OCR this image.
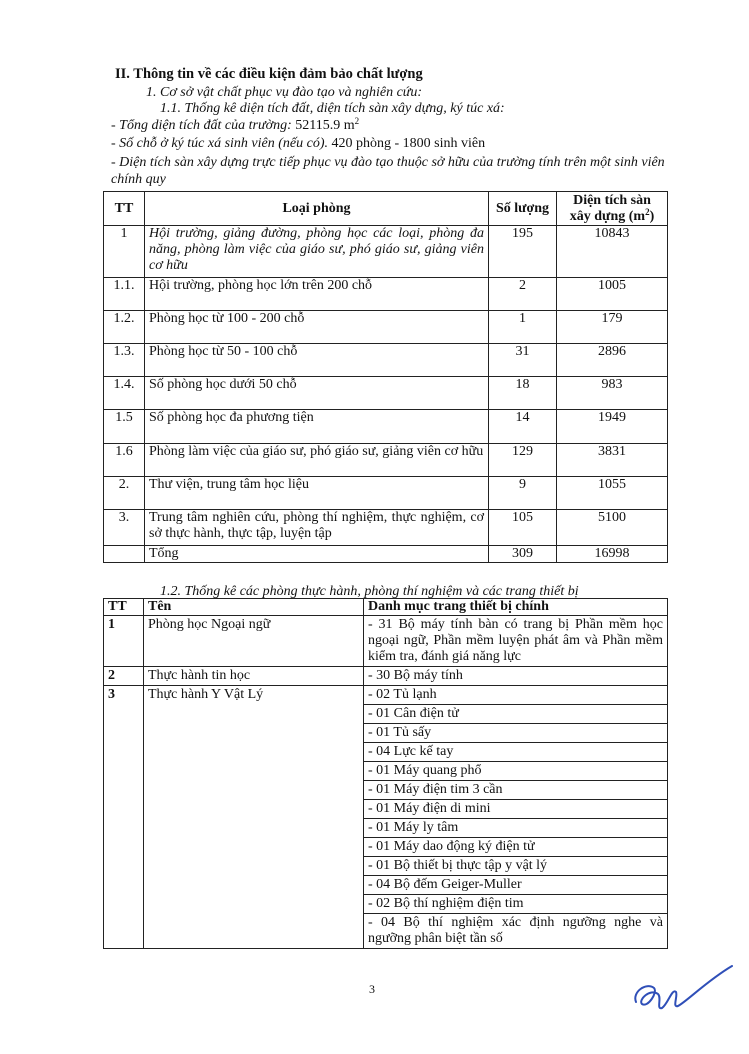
II. Thông tin về các điều kiện đảm bảo chất lượng
1. Cơ sở vật chất phục vụ đào tạo và nghiên cứu:
1.1. Thống kê diện tích đất, diện tích sàn xây dựng, ký túc xá:
- Tổng diện tích đất của trường: 52115.9 $m^2$
- Số chỗ ở ký túc xá sinh viên (nếu có). 420 phòng - 1800 sinh viên
- Diện tích sàn xây dựng trực tiếp phục vụ đào tạo thuộc sở hữu của trường tính trên một sinh viên chính quy
TT	Loại phòng	Số lượng	Diện tích sàn xây dựng $(m^2)$
1	Hội trường, giảng đường, phòng học các loại, phòng đa năng, phòng làm việc của giáo sư, phó giáo sư, giảng viên cơ hữu	195	10843
1.1.	Hội trường, phòng học lớn trên 200 chỗ	2	1005
1.2.	Phòng học từ 100 - 200 chỗ	1	179
1.3.	Phòng học từ 50 - 100 chỗ	31	2896
1.4.	Số phòng học dưới 50 chỗ	18	983
1.5	Số phòng học đa phương tiện	14	1949
1.6	Phòng làm việc của giáo sư, phó giáo sư, giảng viên cơ hữu	129	3831
2.	Thư viện, trung tâm học liệu	9	1055
3.	Trung tâm nghiên cứu, phòng thí nghiệm, thực nghiệm, cơ sở thực hành, thực tập, luyện tập	105	5100
	Tổng	309	16998
1.2. Thống kê các phòng thực hành, phòng thí nghiệm và các trang thiết bị
TT	Tên	Danh mục trang thiết bị chính
1	Phòng học Ngoại ngữ	- 31 Bộ máy tính bàn có trang bị Phần mềm học ngoại ngữ, Phần mềm luyện phát âm và Phần mềm kiểm tra, đánh giá năng lực
2	Thực hành tin học	- 30 Bộ máy tính
3	Thực hành Y Vật Lý	- 02 Tủ lạnh
		- 01 Cân điện tử
		- 01 Tủ sấy
		- 04 Lực kế tay
		- 01 Máy quang phổ
		- 01 Máy điện tim 3 cần
		- 01 Máy điện di mini
		- 01 Máy ly tâm
		- 01 Máy dao động ký điện tử
		- 01 Bộ thiết bị thực tập y vật lý
		- 04 Bộ đếm Geiger-Muller
		- 02 Bộ thí nghiệm điện tim
		- 04 Bộ thí nghiệm xác định ngưỡng nghe và ngưỡng phân biệt tần số
3
